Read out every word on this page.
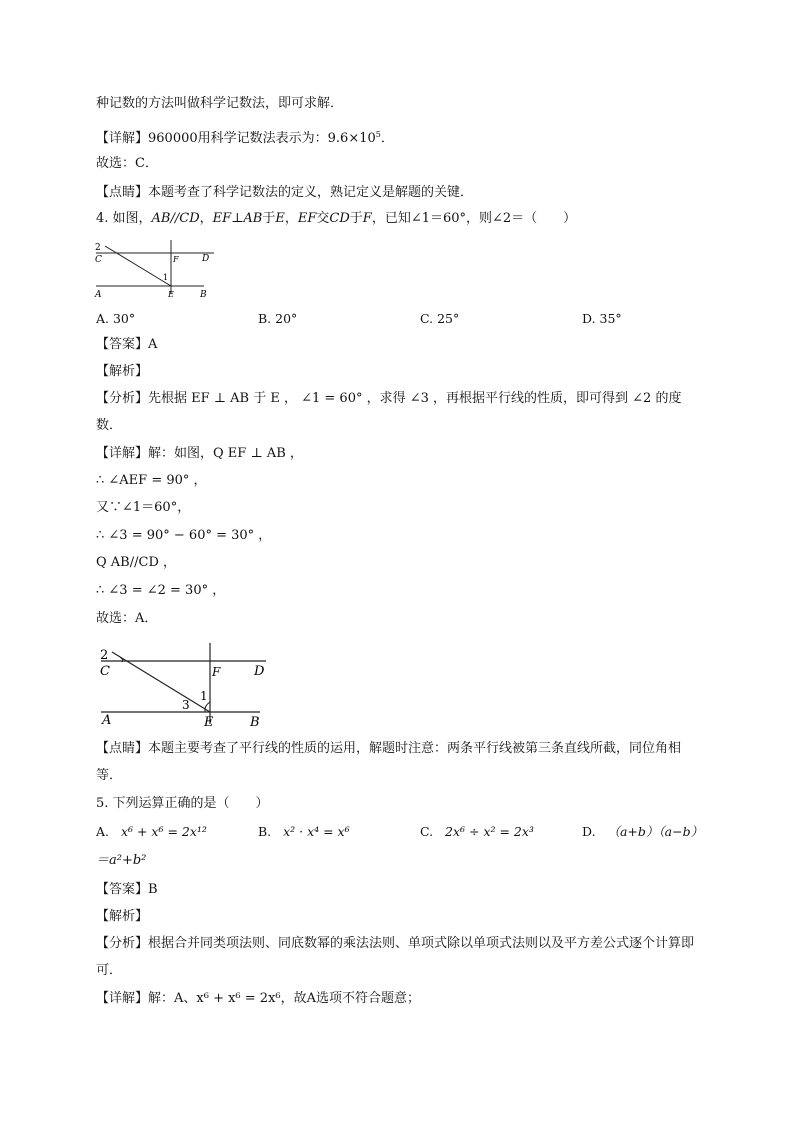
种记数的方法叫做科学记数法，即可求解．
【详解】960000用科学记数法表示为：$9.6\times 10^5$．
故选：C．
【点睛】本题考查了科学记数法的定义，熟记定义是解题的关键．
4. 如图，AB//CD，EF⊥AB于E，EF交CD于F，已知∠1＝60°，则∠2＝（　　）
2
C	F	D
1
A	E	B
A. 30°	B. 20°	C. 25°	D. 35°
【答案】A
【解析】
【分析】先根据 EF ⊥ AB 于 E ， ∠1 = 60° ，求得 ∠3 ，再根据平行线的性质，即可得到 ∠2 的度数．
【详解】解：如图，Q EF ⊥ AB ，
∴ ∠AEF = 90° ，
又∵∠1＝60°，
∴ ∠3 = 90° − 60° = 30° ，
Q AB//CD ，
∴ ∠3 = ∠2 = 30° ，
故选：A．
2
C	F	D
1
3
A	E	B
【点睛】本题主要考查了平行线的性质的运用，解题时注意：两条平行线被第三条直线所截，同位角相等．
5. 下列运算正确的是（　　）
A. x⁶ + x⁶ = 2x¹²	B. x² · x⁴ = x⁶	C. 2x⁶ ÷ x² = 2x³	D. （a+b）（a−b）
＝a²+b²
【答案】B
【解析】
【分析】根据合并同类项法则、同底数幂的乘法法则、单项式除以单项式法则以及平方差公式逐个计算即可．
【详解】解：A、x⁶ + x⁶ = 2x⁶，故A选项不符合题意；
